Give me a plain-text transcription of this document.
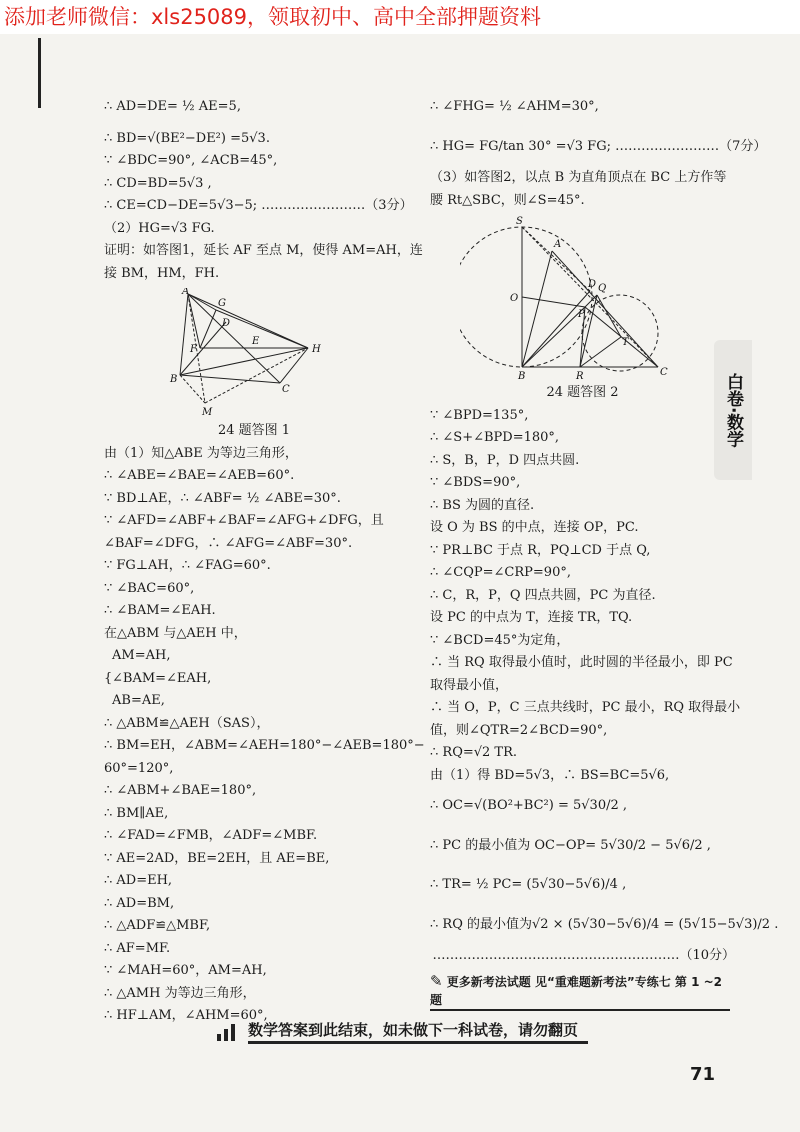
添加老师微信：xls25089，领取初中、高中全部押题资料
∴ AD=DE= ½ AE=5,
∴ BD=√(BE²−DE²) =5√3.
∵ ∠BDC=90°, ∠ACB=45°,
∴ CD=BD=5√3 ,
∴ CE=CD−DE=5√3−5; ……………………（3分）
（2）HG=√3 FG.
证明：如答图1，延长 AF 至点 M，使得 AM=AH，连
接 BM，HM，FH.
A
G
D
F
E
H
B
C
M
24 题答图 1
由（1）知△ABE 为等边三角形，
∴ ∠ABE=∠BAE=∠AEB=60°.
∵ BD⊥AE，∴ ∠ABF= ½ ∠ABE=30°.
∵ ∠AFD=∠ABF+∠BAF=∠AFG+∠DFG，且
∠BAF=∠DFG，∴ ∠AFG=∠ABF=30°.
∵ FG⊥AH，∴ ∠FAG=60°.
∵ ∠BAC=60°,
∴ ∠BAM=∠EAH.
在△ABM 与△AEH 中，
AM=AH,
{∠BAM=∠EAH,
AB=AE,
∴ △ABM≌△AEH（SAS），
∴ BM=EH，∠ABM=∠AEH=180°−∠AEB=180°−
60°=120°,
∴ ∠ABM+∠BAE=180°,
∴ BM∥AE,
∴ ∠FAD=∠FMB，∠ADF=∠MBF.
∵ AE=2AD，BE=2EH，且 AE=BE,
∴ AD=EH,
∴ AD=BM,
∴ △ADF≌△MBF,
∴ AF=MF.
∵ ∠MAH=60°，AM=AH,
∴ △AMH 为等边三角形，
∴ HF⊥AM，∠AHM=60°,
∴ ∠FHG= ½ ∠AHM=30°,
∴ HG= FG/tan 30° =√3 FG; ……………………（7分）
（3）如答图2，以点 B 为直角顶点在 BC 上方作等
腰 Rt△SBC，则∠S=45°.
S
A
O
D Q
P
T
B	R	C
24 题答图 2
∵ ∠BPD=135°,
∴ ∠S+∠BPD=180°,
∴ S，B，P，D 四点共圆.
∵ ∠BDS=90°,
∴ BS 为圆的直径.
设 O 为 BS 的中点，连接 OP，PC.
∵ PR⊥BC 于点 R，PQ⊥CD 于点 Q,
∴ ∠CQP=∠CRP=90°,
∴ C，R，P，Q 四点共圆，PC 为直径.
设 PC 的中点为 T，连接 TR，TQ.
∵ ∠BCD=45°为定角，
∴ 当 RQ 取得最小值时，此时圆的半径最小，即 PC
取得最小值，
∴ 当 O，P，C 三点共线时，PC 最小，RQ 取得最小
值，则∠QTR=2∠BCD=90°,
∴ RQ=√2 TR.
由（1）得 BD=5√3，∴ BS=BC=5√6,
∴ OC=√(BO²+BC²) = 5√30/2 ,
∴ PC 的最小值为 OC−OP= 5√30/2 − 5√6/2 ,
∴ TR= ½ PC= (5√30−5√6)/4 ,
∴ RQ 的最小值为√2 × (5√30−5√6)/4 = (5√15−5√3)/2 .
…………………………………………………（10分）
白卷·数学
✎ 更多新考法试题 见“重难题新考法”专练七 第 1 ~2 题
数学答案到此结束，如未做下一科试卷，请勿翻页
71
